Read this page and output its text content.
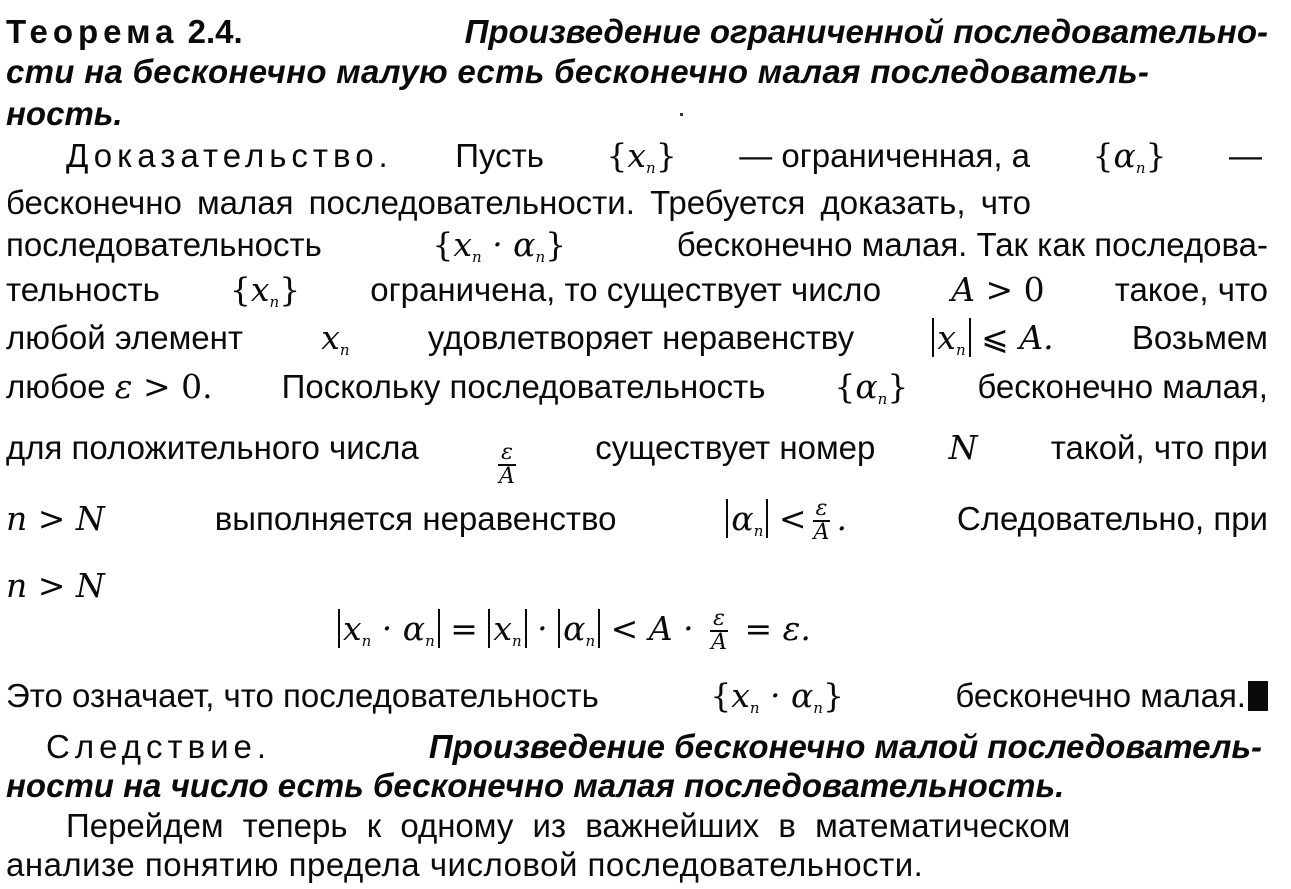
Теорема 2.4.	Произведение ограниченной последовательно-
сти на бесконечно малую есть бесконечно малая последователь-
ность.
Доказательство. Пусть $\{x_n\}$ — ограниченная, а $\{\alpha_n\}$ —
бесконечно малая последовательности. Требуется доказать, что
последовательность	$\{x_n \cdot \alpha_n\}$	бесконечно малая. Так как последова-
тельность $\{x_n\}$ ограничена, то существует число A > 0 такое, что
любой элемент $x_n$ удовлетворяет неравенству	$x_n$ ⩽ A. Возьмем
любое ε > 0. Поскольку последовательность $\{\alpha_n\}$ бесконечно малая,
для положительного числа	$\frac{\varepsilon}{A}$ существует номер N такой, что при
n > N	выполняется неравенство	$\alpha_n < \frac{\varepsilon}{A}$ .	Следовательно, при
n > N
$x_n \cdot \alpha_n = x_n \cdot \alpha_n < A \cdot \frac{\varepsilon}{A} = \varepsilon$.
Это означает, что последовательность	$\{x_n \cdot \alpha_n\}$	бесконечно малая.
Следствие.	Произведение бесконечно малой последователь-
ности на число есть бесконечно малая последовательность.
Перейдем теперь к одному из важнейших в математическом
анализе понятию предела числовой последовательности.
